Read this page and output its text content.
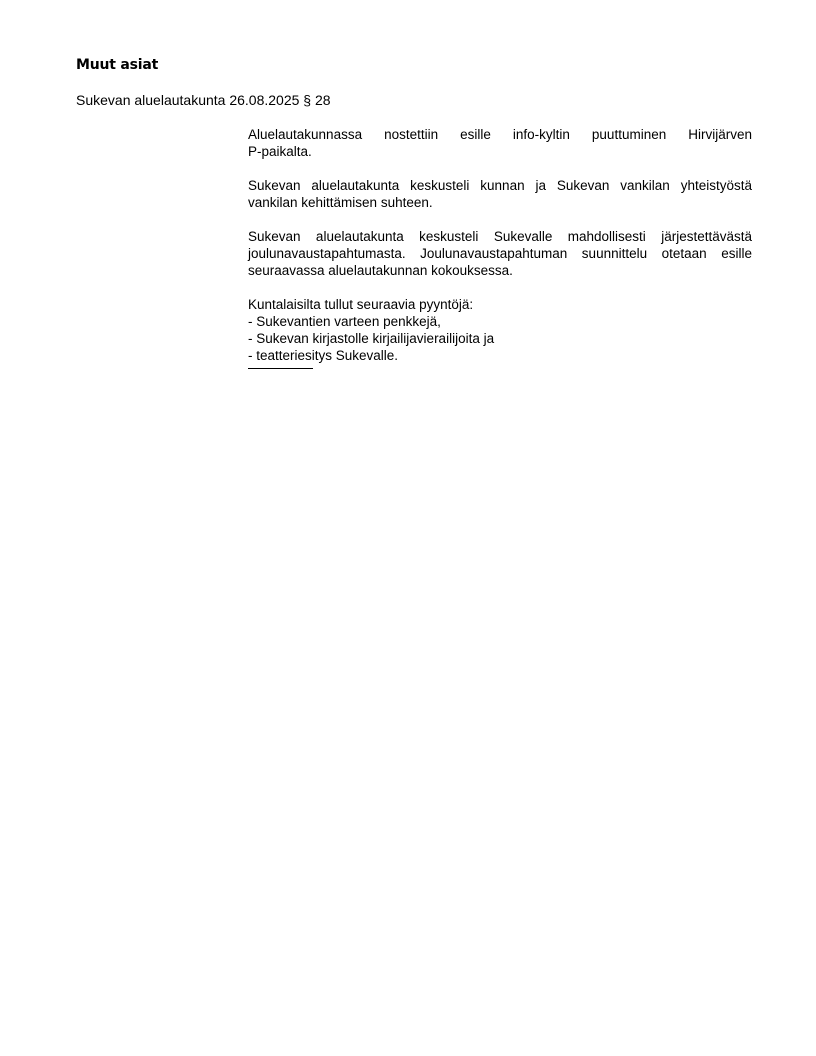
Muut asiat
Sukevan aluelautakunta 26.08.2025 § 28
Aluelautakunnassa nostettiin esille info-kyltin puuttuminen Hirvijärven
P-paikalta.
Sukevan aluelautakunta keskusteli kunnan ja Sukevan vankilan yhteistyöstä
vankilan kehittämisen suhteen.
Sukevan aluelautakunta keskusteli Sukevalle mahdollisesti järjestettävästä
joulunavaustapahtumasta. Joulunavaustapahtuman suunnittelu otetaan esille
seuraavassa aluelautakunnan kokouksessa.
Kuntalaisilta tullut seuraavia pyyntöjä:
- Sukevantien varteen penkkejä,
- Sukevan kirjastolle kirjailijavierailijoita ja
- teatteriesitys Sukevalle.
